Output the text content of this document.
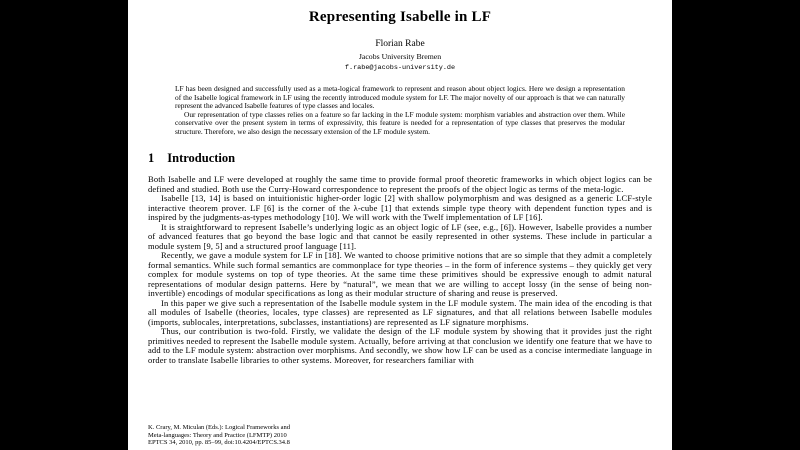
Representing Isabelle in LF
Florian Rabe
Jacobs University Bremen
f.rabe@jacobs-university.de

LF has been designed and successfully used as a meta-logical framework to represent and reason about object logics. Here we design a representation of the Isabelle logical framework in LF using the recently introduced module system for LF. The major novelty of our approach is that we can naturally represent the advanced Isabelle features of type classes and locales.

Our representation of type classes relies on a feature so far lacking in the LF module system: morphism variables and abstraction over them. While conservative over the present system in terms of expressivity, this feature is needed for a representation of type classes that preserves the modular structure. Therefore, we also design the necessary extension of the LF module system.

1 Introduction

Both Isabelle and LF were developed at roughly the same time to provide formal proof theoretic frameworks in which object logics can be defined and studied. Both use the Curry-Howard correspondence to represent the proofs of the object logic as terms of the meta-logic.

Isabelle [13, 14] is based on intuitionistic higher-order logic [2] with shallow polymorphism and was designed as a generic LCF-style interactive theorem prover. LF [6] is the corner of the λ-cube [1] that extends simple type theory with dependent function types and is inspired by the judgments-as-types methodology [10]. We will work with the Twelf implementation of LF [16].

It is straightforward to represent Isabelle’s underlying logic as an object logic of LF (see, e.g., [6]). However, Isabelle provides a number of advanced features that go beyond the base logic and that cannot be easily represented in other systems. These include in particular a module system [9, 5] and a structured proof language [11].

Recently, we gave a module system for LF in [18]. We wanted to choose primitive notions that are so simple that they admit a completely formal semantics. While such formal semantics are commonplace for type theories – in the form of inference systems – they quickly get very complex for module systems on top of type theories. At the same time these primitives should be expressive enough to admit natural representations of modular design patterns. Here by “natural”, we mean that we are willing to accept lossy (in the sense of being non-invertible) encodings of modular specifications as long as their modular structure of sharing and reuse is preserved.

In this paper we give such a representation of the Isabelle module system in the LF module system. The main idea of the encoding is that all modules of Isabelle (theories, locales, type classes) are represented as LF signatures, and that all relations between Isabelle modules (imports, sublocales, interpretations, subclasses, instantiations) are represented as LF signature morphisms.

Thus, our contribution is two-fold. Firstly, we validate the design of the LF module system by showing that it provides just the right primitives needed to represent the Isabelle module system. Actually, before arriving at that conclusion we identify one feature that we have to add to the LF module system: abstraction over morphisms. And secondly, we show how LF can be used as a concise intermediate language in order to translate Isabelle libraries to other systems. Moreover, for researchers familiar with

K. Crary, M. Miculan (Eds.): Logical Frameworks and
Meta-languages: Theory and Practice (LFMTP) 2010
EPTCS 34, 2010, pp. 85–99, doi:10.4204/EPTCS.34.8
